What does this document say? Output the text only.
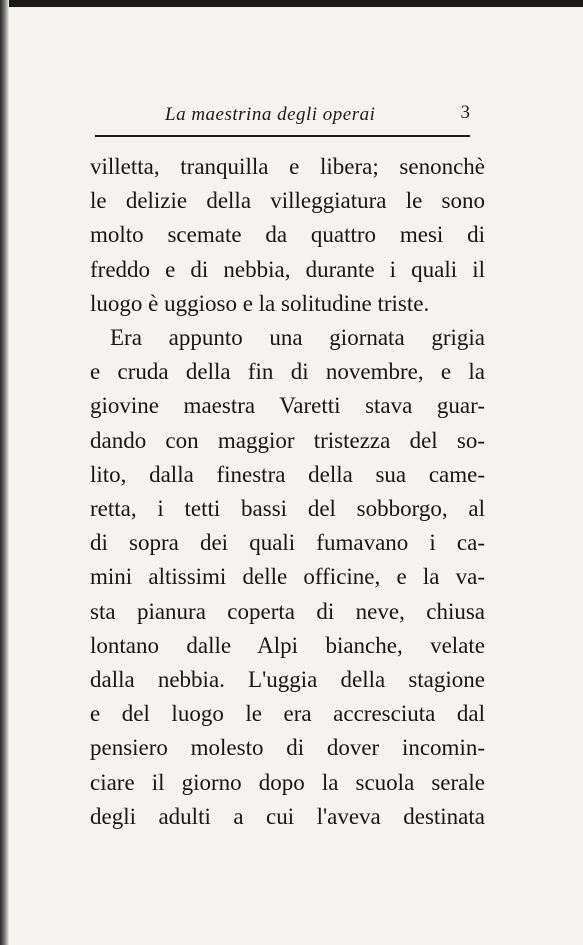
La maestrina degli operai	3
villetta, tranquilla e libera; senonchè
le delizie della villeggiatura le sono
molto scemate da quattro mesi di
freddo e di nebbia, durante i quali il
luogo è uggioso e la solitudine triste.
Era appunto una giornata grigia
e cruda della fin di novembre, e la
giovine maestra Varetti stava guar-
dando con maggior tristezza del so-
lito, dalla finestra della sua came-
retta, i tetti bassi del sobborgo, al
di sopra dei quali fumavano i ca-
mini altissimi delle officine, e la va-
sta pianura coperta di neve, chiusa
lontano dalle Alpi bianche, velate
dalla nebbia. L'uggia della stagione
e del luogo le era accresciuta dal
pensiero molesto di dover incomin-
ciare il giorno dopo la scuola serale
degli adulti a cui l'aveva destinata
